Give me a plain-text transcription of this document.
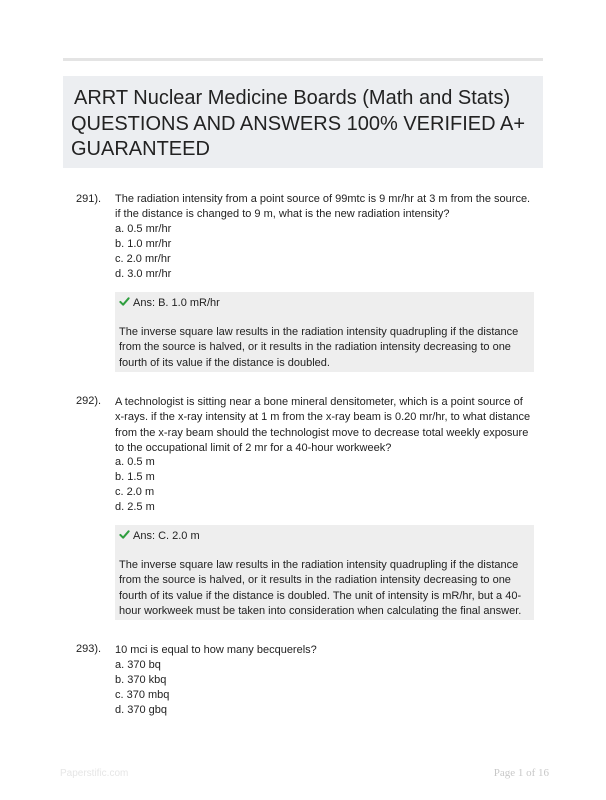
ARRT Nuclear Medicine Boards (Math and Stats)
QUESTIONS AND ANSWERS 100% VERIFIED A+
GUARANTEED
291). The radiation intensity from a point source of 99mtc is 9 mr/hr at 3 m from the source. if the distance is changed to 9 m, what is the new radiation intensity?
a. 0.5 mr/hr
b. 1.0 mr/hr
c. 2.0 mr/hr
d. 3.0 mr/hr
Ans: B. 1.0 mR/hr
The inverse square law results in the radiation intensity quadrupling if the distance from the source is halved, or it results in the radiation intensity decreasing to one fourth of its value if the distance is doubled.
292). A technologist is sitting near a bone mineral densitometer, which is a point source of x-rays. if the x-ray intensity at 1 m from the x-ray beam is 0.20 mr/hr, to what distance from the x-ray beam should the technologist move to decrease total weekly exposure to the occupational limit of 2 mr for a 40-hour workweek?
a. 0.5 m
b. 1.5 m
c. 2.0 m
d. 2.5 m
Ans: C. 2.0 m
The inverse square law results in the radiation intensity quadrupling if the distance from the source is halved, or it results in the radiation intensity decreasing to one fourth of its value if the distance is doubled. The unit of intensity is mR/hr, but a 40-hour workweek must be taken into consideration when calculating the final answer.
293). 10 mci is equal to how many becquerels?
a. 370 bq
b. 370 kbq
c. 370 mbq
d. 370 gbq
Paperstific.com	Page 1 of 16
